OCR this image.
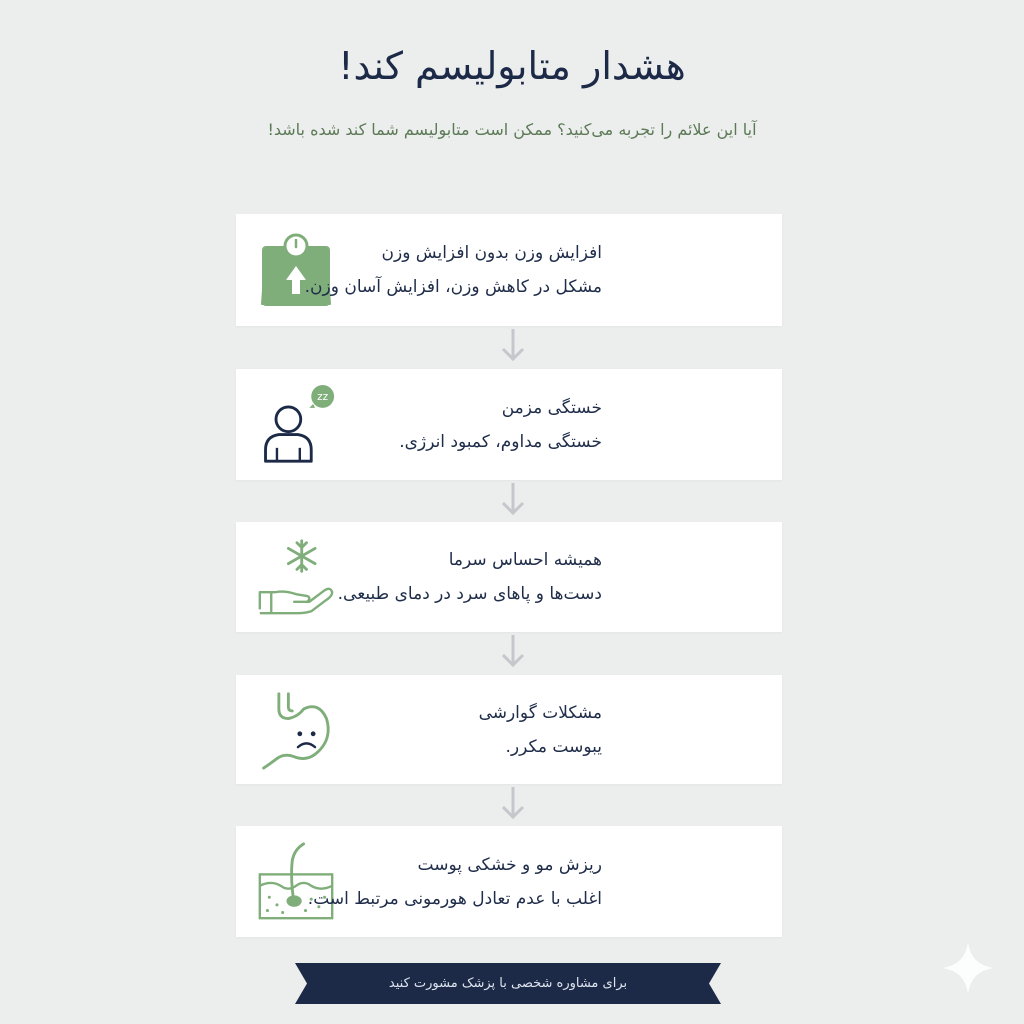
هشدار متابولیسم کند!

آیا این علائم را تجربه می‌کنید؟ ممکن است متابولیسم شما کند شده باشد!

افزایش وزن بدون افزایش وزن
مشکل در کاهش وزن، افزایش آسان وزن.
zz
خستگی مزمن
خستگی مداوم، کمبود انرژی.
همیشه احساس سرما
دست‌ها و پاهای سرد در دمای طبیعی.
مشکلات گوارشی
یبوست مکرر.
ریزش مو و خشکی پوست
اغلب با عدم تعادل هورمونی مرتبط است.
برای مشاوره شخصی با پزشک مشورت کنید
